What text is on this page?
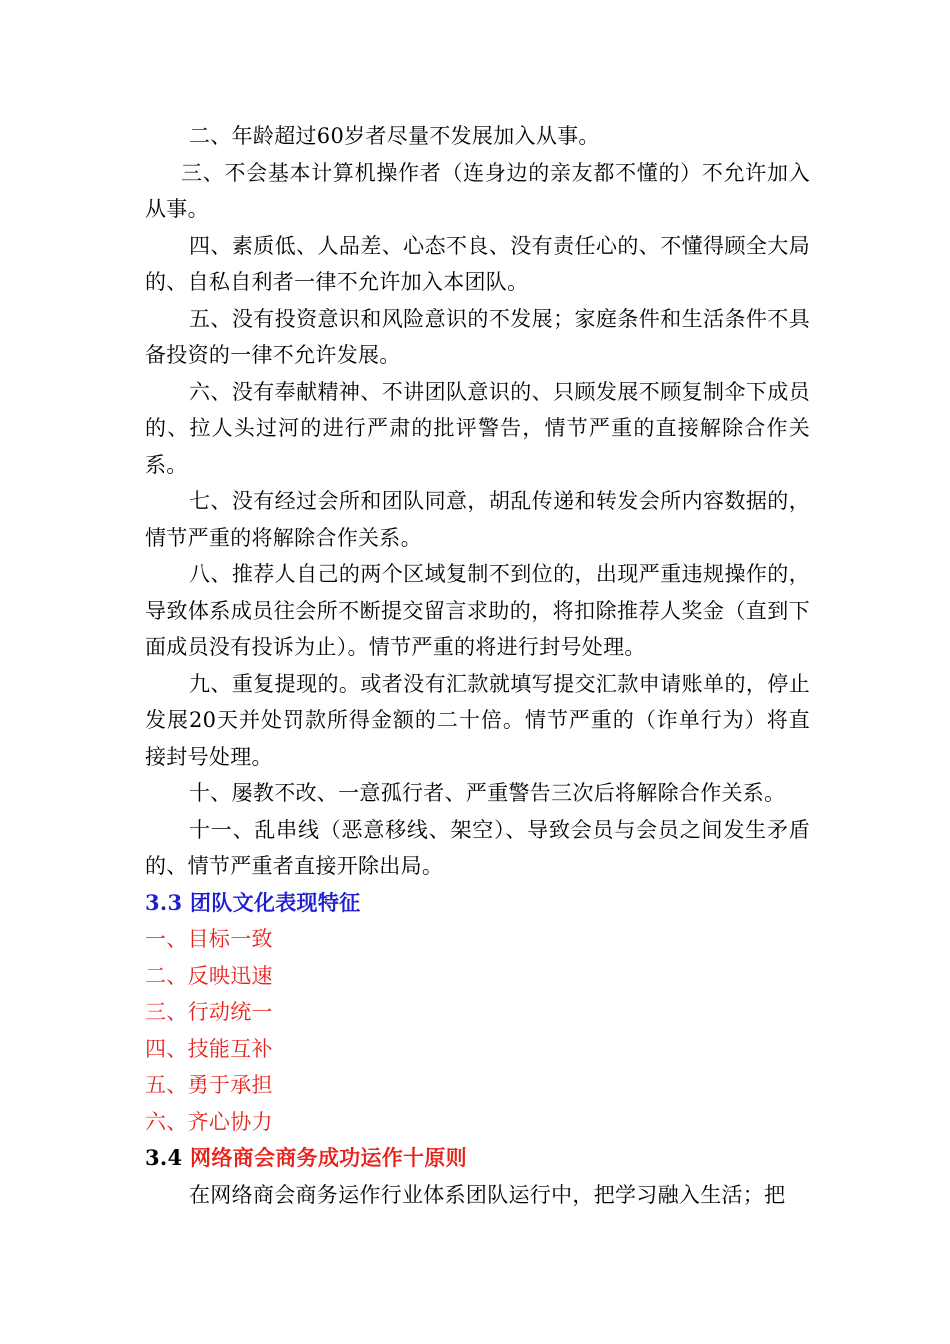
二、年龄超过60岁者尽量不发展加入从事。

三、不会基本计算机操作者（连身边的亲友都不懂的）不允许加入从事。

四、素质低、人品差、心态不良、没有责任心的、不懂得顾全大局的、自私自利者一律不允许加入本团队。

五、没有投资意识和风险意识的不发展；家庭条件和生活条件不具备投资的一律不允许发展。

六、没有奉献精神、不讲团队意识的、只顾发展不顾复制伞下成员的、拉人头过河的进行严肃的批评警告，情节严重的直接解除合作关系。

七、没有经过会所和团队同意，胡乱传递和转发会所内容数据的，情节严重的将解除合作关系。

八、推荐人自己的两个区域复制不到位的，出现严重违规操作的，导致体系成员往会所不断提交留言求助的，将扣除推荐人奖金（直到下面成员没有投诉为止）。情节严重的将进行封号处理。

九、重复提现的。或者没有汇款就填写提交汇款申请账单的，停止发展20天并处罚款所得金额的二十倍。情节严重的（诈单行为）将直接封号处理。

十、屡教不改、一意孤行者、严重警告三次后将解除合作关系。

十一、乱串线（恶意移线、架空）、导致会员与会员之间发生矛盾的、情节严重者直接开除出局。

3.3 团队文化表现特征

一、目标一致

二、反映迅速

三、行动统一

四、技能互补

五、勇于承担

六、齐心协力

3.4 网络商会商务成功运作十原则

在网络商会商务运作行业体系团队运行中，把学习融入生活；把
